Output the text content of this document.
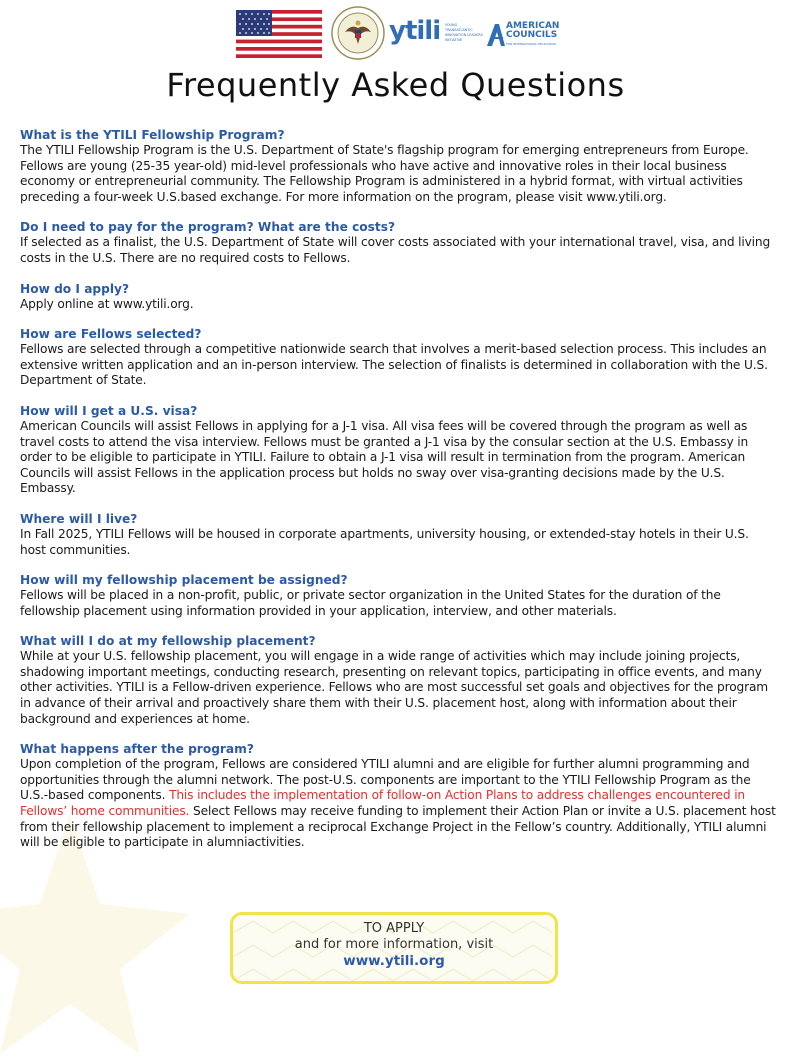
ytili YOUNG TRANSATLANTIC INNOVATION LEADERS INITIATIVE
AMERICAN COUNCILS
FOR INTERNATIONAL EDUCATION
Frequently Asked Questions
What is the YTILI Fellowship Program?
The YTILI Fellowship Program is the U.S. Department of State's flagship program for emerging entrepreneurs from Europe. Fellows are young (25-35 year-old) mid-level professionals who have active and innovative roles in their local business economy or entrepreneurial community. The Fellowship Program is administered in a hybrid format, with virtual activities preceding a four-week U.S.based exchange. For more information on the program, please visit www.ytili.org.
Do I need to pay for the program? What are the costs?
If selected as a finalist, the U.S. Department of State will cover costs associated with your international travel, visa, and living costs in the U.S. There are no required costs to Fellows.
How do I apply?
Apply online at www.ytili.org.
How are Fellows selected?
Fellows are selected through a competitive nationwide search that involves a merit-based selection process. This includes an extensive written application and an in-person interview. The selection of finalists is determined in collaboration with the U.S. Department of State.
How will I get a U.S. visa?
American Councils will assist Fellows in applying for a J-1 visa. All visa fees will be covered through the program as well as travel costs to attend the visa interview. Fellows must be granted a J-1 visa by the consular section at the U.S. Embassy in order to be eligible to participate in YTILI. Failure to obtain a J-1 visa will result in termination from the program. American Councils will assist Fellows in the application process but holds no sway over visa-granting decisions made by the U.S. Embassy.
Where will I live?
In Fall 2025, YTILI Fellows will be housed in corporate apartments, university housing, or extended-stay hotels in their U.S. host communities.
How will my fellowship placement be assigned?
Fellows will be placed in a non-profit, public, or private sector organization in the United States for the duration of the fellowship placement using information provided in your application, interview, and other materials.
What will I do at my fellowship placement?
While at your U.S. fellowship placement, you will engage in a wide range of activities which may include joining projects, shadowing important meetings, conducting research, presenting on relevant topics, participating in office events, and many other activities. YTILI is a Fellow-driven experience. Fellows who are most successful set goals and objectives for the program in advance of their arrival and proactively share them with their U.S. placement host, along with information about their background and experiences at home.
What happens after the program?
Upon completion of the program, Fellows are considered YTILI alumni and are eligible for further alumni programming and opportunities through the alumni network. The post-U.S. components are important to the YTILI Fellowship Program as the U.S.-based components. This includes the implementation of follow-on Action Plans to address challenges encountered in Fellows’ home communities. Select Fellows may receive funding to implement their Action Plan or invite a U.S. placement host from their fellowship placement to implement a reciprocal Exchange Project in the Fellow’s country. Additionally, YTILI alumni will be eligible to participate in alumniactivities.
TO APPLY
and for more information, visit
www.ytili.org
